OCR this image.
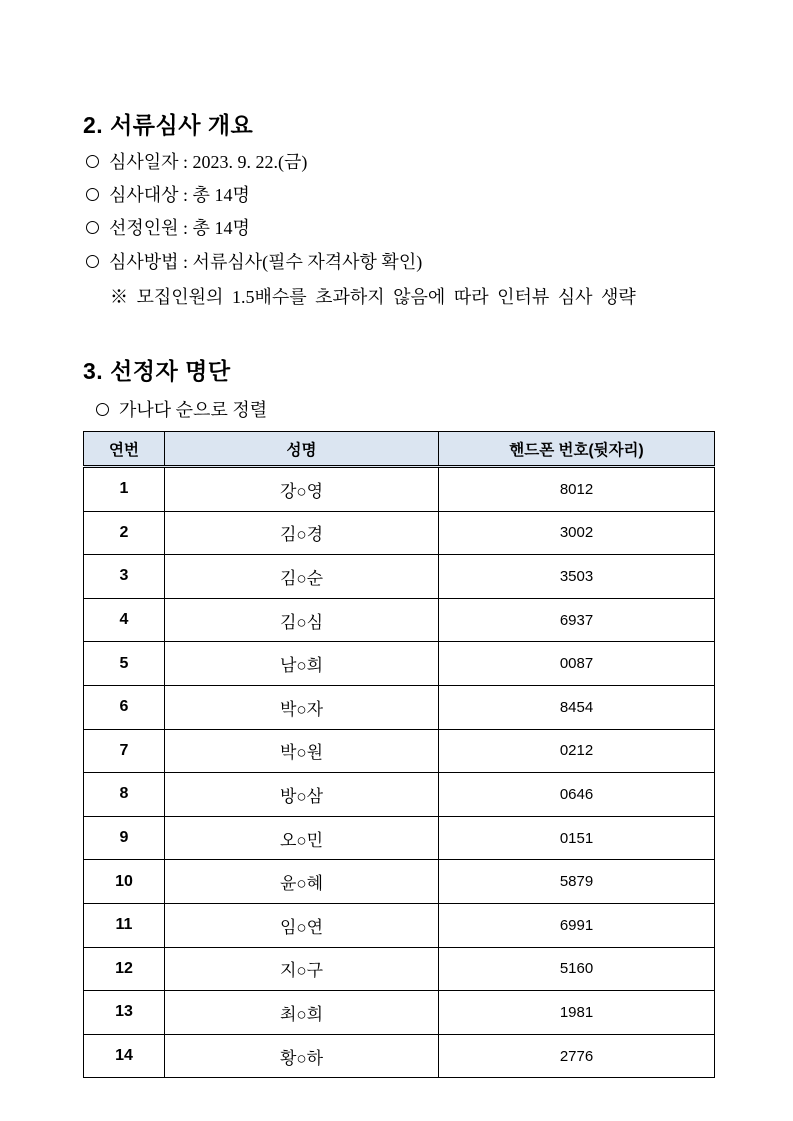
2. 서류심사 개요
심사일자 : 2023. 9. 22.(금)
심사대상 : 총 14명
선정인원 : 총 14명
심사방법 : 서류심사(필수 자격사항 확인)
※ 모집인원의 1.5배수를 초과하지 않음에 따라 인터뷰 심사 생략
3. 선정자 명단
가나다 순으로 정렬
연번	성명	핸드폰 번호(뒷자리)
1	강○영	8012
2	김○경	3002
3	김○순	3503
4	김○심	6937
5	남○희	0087
6	박○자	8454
7	박○원	0212
8	방○삼	0646
9	오○민	0151
10	윤○혜	5879
11	임○연	6991
12	지○구	5160
13	최○희	1981
14	황○하	2776
